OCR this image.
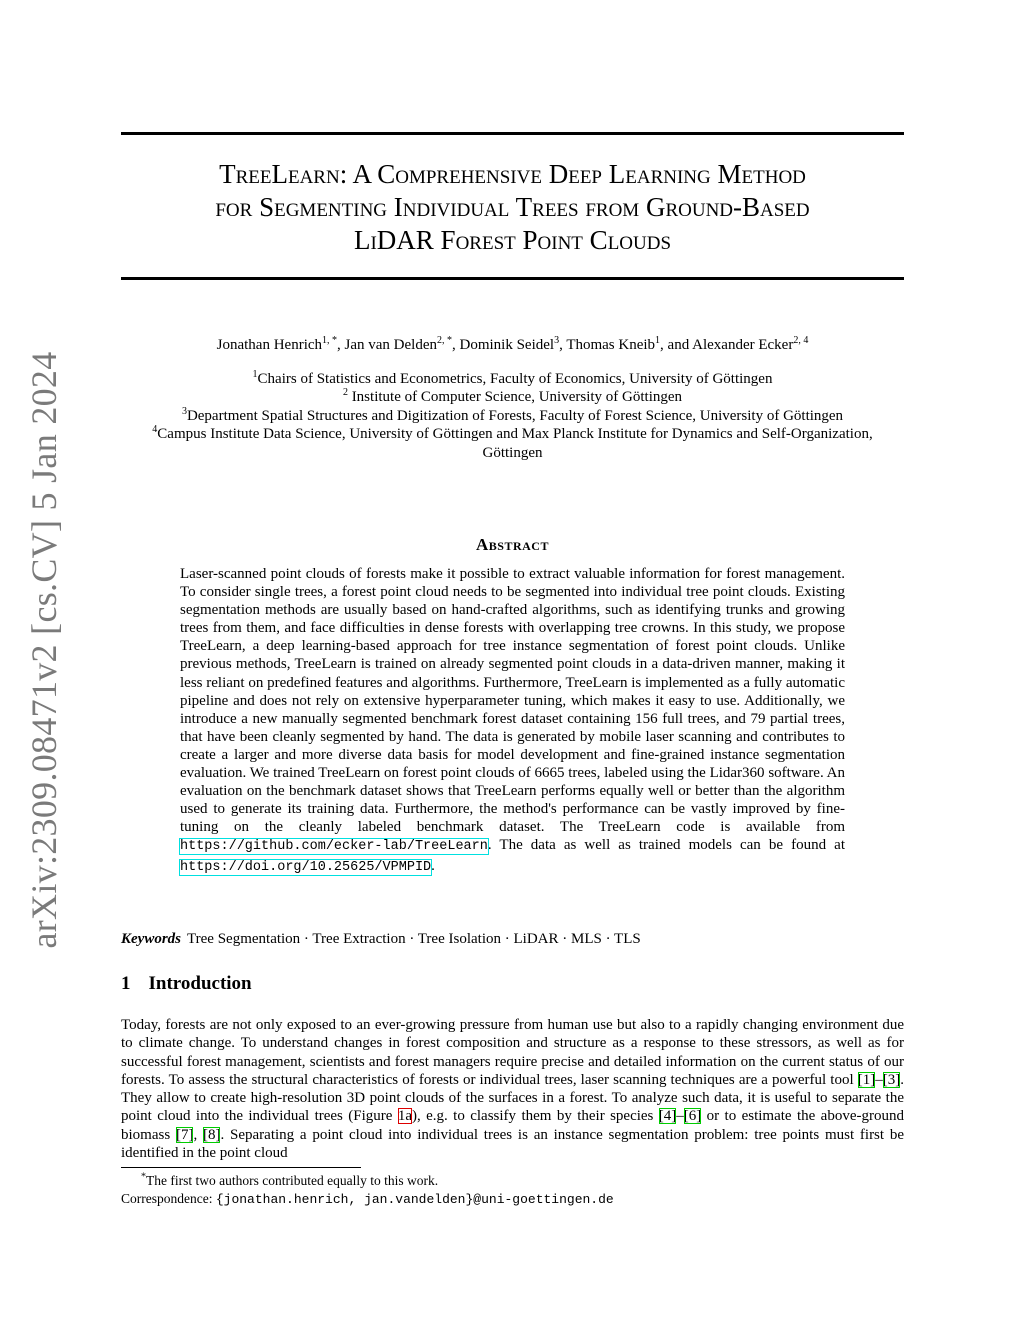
arXiv:2309.08471v2 [cs.CV] 5 Jan 2024
TreeLearn: A Comprehensive Deep Learning Method
for Segmenting Individual Trees from Ground-Based
LiDAR Forest Point Clouds
Jonathan Henrich$^{1, *}$, Jan van Delden$^{2, *}$, Dominik Seidel$^3$, Thomas Kneib$^1$, and Alexander Ecker$^{2, 4}$
$^1$Chairs of Statistics and Econometrics, Faculty of Economics, University of Göttingen
$^2$ Institute of Computer Science, University of Göttingen
$^3$Department Spatial Structures and Digitization of Forests, Faculty of Forest Science, University of Göttingen
$^4$Campus Institute Data Science, University of Göttingen and Max Planck Institute for Dynamics and Self-Organization, Göttingen
Abstract

Laser-scanned point clouds of forests make it possible to extract valuable information for forest management. To consider single trees, a forest point cloud needs to be segmented into individual tree point clouds. Existing segmentation methods are usually based on hand-crafted algorithms, such as identifying trunks and growing trees from them, and face difficulties in dense forests with overlapping tree crowns. In this study, we propose TreeLearn, a deep learning-based approach for tree instance segmentation of forest point clouds. Unlike previous methods, TreeLearn is trained on already segmented point clouds in a data-driven manner, making it less reliant on predefined features and algorithms. Furthermore, TreeLearn is implemented as a fully automatic pipeline and does not rely on extensive hyperparameter tuning, which makes it easy to use. Additionally, we introduce a new manually segmented benchmark forest dataset containing 156 full trees, and 79 partial trees, that have been cleanly segmented by hand. The data is generated by mobile laser scanning and contributes to create a larger and more diverse data basis for model development and fine-grained instance segmentation evaluation. We trained TreeLearn on forest point clouds of 6665 trees, labeled using the Lidar360 software. An evaluation on the benchmark dataset shows that TreeLearn performs equally well or better than the algorithm used to generate its training data. Furthermore, the method's performance can be vastly improved by fine-tuning on the cleanly labeled benchmark dataset. The TreeLearn code is available from https://github.com/ecker-lab/TreeLearn. The data as well as trained models can be found at https://doi.org/10.25625/VPMPID.

Keywords Tree Segmentation · Tree Extraction · Tree Isolation · LiDAR · MLS · TLS
1 Introduction

Today, forests are not only exposed to an ever-growing pressure from human use but also to a rapidly changing environment due to climate change. To understand changes in forest composition and structure as a response to these stressors, as well as for successful forest management, scientists and forest managers require precise and detailed information on the current status of our forests. To assess the structural characteristics of forests or individual trees, laser scanning techniques are a powerful tool [1]–[3]. They allow to create high-resolution 3D point clouds of the surfaces in a forest. To analyze such data, it is useful to separate the point cloud into the individual trees (Figure 1a), e.g. to classify them by their species [4]–[6] or to estimate the above-ground biomass [7], [8]. Separating a point cloud into individual trees is an instance segmentation problem: tree points must first be identified in the point cloud

*The first two authors contributed equally to this work.
Correspondence: {jonathan.henrich, jan.vandelden}@uni-goettingen.de
